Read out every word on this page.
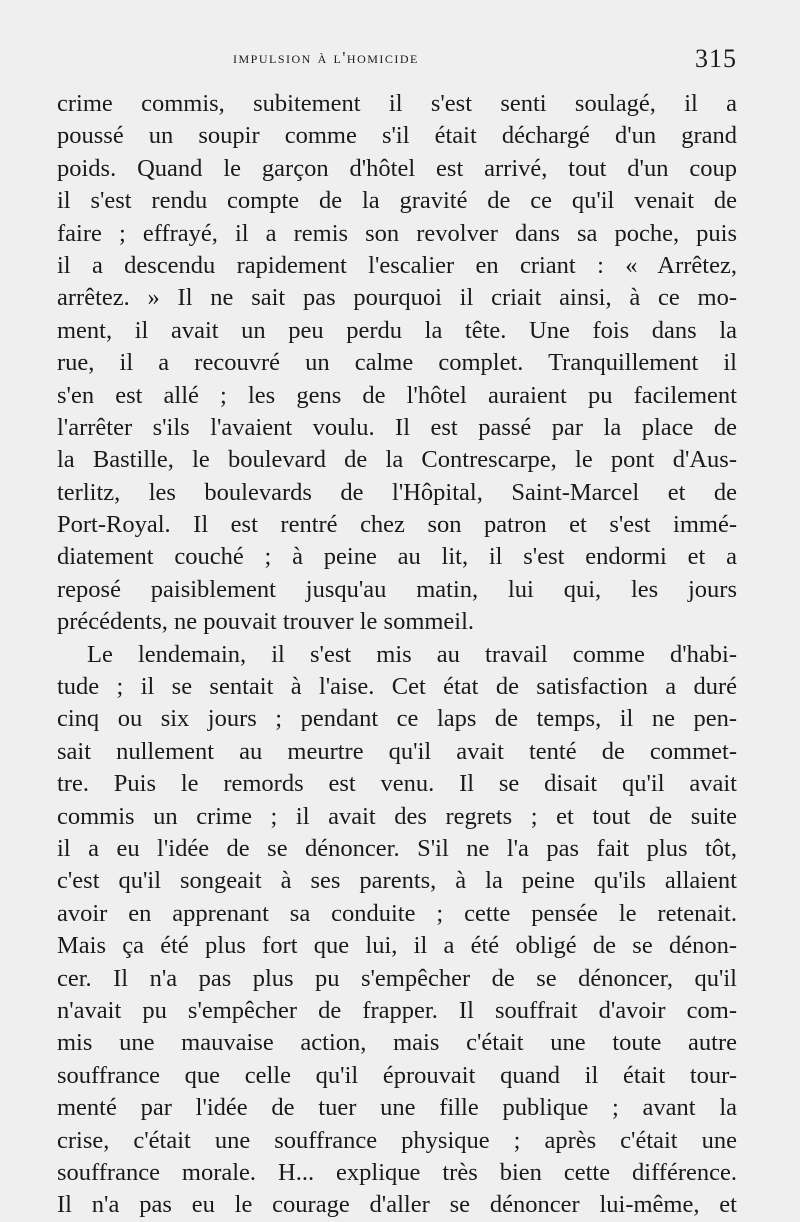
impulsion à l'homicide	315
crime commis, subitement il s'est senti soulagé, il a
poussé un soupir comme s'il était déchargé d'un grand
poids. Quand le garçon d'hôtel est arrivé, tout d'un coup
il s'est rendu compte de la gravité de ce qu'il venait de
faire ; effrayé, il a remis son revolver dans sa poche, puis
il a descendu rapidement l'escalier en criant : « Arrêtez,
arrêtez. » Il ne sait pas pourquoi il criait ainsi, à ce mo-
ment, il avait un peu perdu la tête. Une fois dans la
rue, il a recouvré un calme complet. Tranquillement il
s'en est allé ; les gens de l'hôtel auraient pu facilement
l'arrêter s'ils l'avaient voulu. Il est passé par la place de
la Bastille, le boulevard de la Contrescarpe, le pont d'Aus-
terlitz, les boulevards de l'Hôpital, Saint-Marcel et de
Port-Royal. Il est rentré chez son patron et s'est immé-
diatement couché ; à peine au lit, il s'est endormi et a
reposé paisiblement jusqu'au matin, lui qui, les jours
précédents, ne pouvait trouver le sommeil.
Le lendemain, il s'est mis au travail comme d'habi-
tude ; il se sentait à l'aise. Cet état de satisfaction a duré
cinq ou six jours ; pendant ce laps de temps, il ne pen-
sait nullement au meurtre qu'il avait tenté de commet-
tre. Puis le remords est venu. Il se disait qu'il avait
commis un crime ; il avait des regrets ; et tout de suite
il a eu l'idée de se dénoncer. S'il ne l'a pas fait plus tôt,
c'est qu'il songeait à ses parents, à la peine qu'ils allaient
avoir en apprenant sa conduite ; cette pensée le retenait.
Mais ça été plus fort que lui, il a été obligé de se dénon-
cer. Il n'a pas plus pu s'empêcher de se dénoncer, qu'il
n'avait pu s'empêcher de frapper. Il souffrait d'avoir com-
mis une mauvaise action, mais c'était une toute autre
souffrance que celle qu'il éprouvait quand il était tour-
menté par l'idée de tuer une fille publique ; avant la
crise, c'était une souffrance physique ; après c'était une
souffrance morale. H... explique très bien cette différence.
Il n'a pas eu le courage d'aller se dénoncer lui-même, et
